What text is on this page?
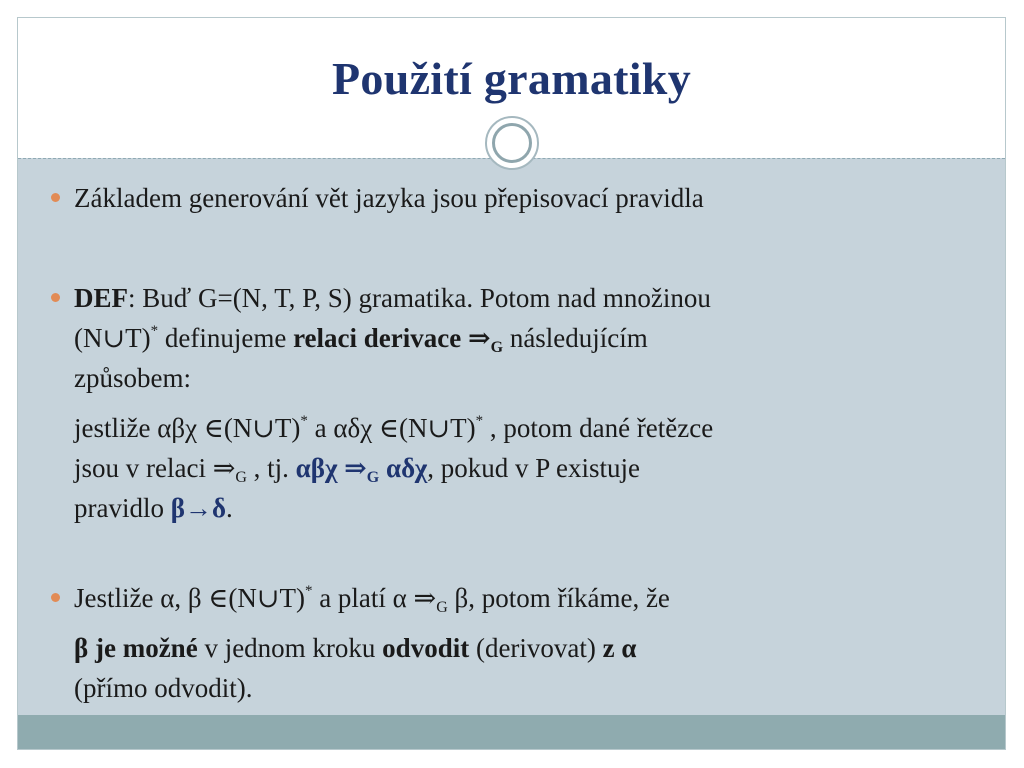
Použití gramatiky
Základem generování vět jazyka jsou přepisovací pravidla
DEF: Buď G=(N, T, P, S) gramatika. Potom nad množinou
(N∪T)* definujeme relaci derivace $\Rightarrow_G$ následujícím
způsobem:
jestliže αβχ ∈(N∪T)* a αδχ ∈(N∪T)* , potom dané řetězce
jsou v relaci $\Rightarrow_G$ , tj. αβχ $\Rightarrow_G$ αδχ, pokud v P existuje
pravidlo β→δ.
Jestliže α, β ∈(N∪T)* a platí α $\Rightarrow_G$ β, potom říkáme, že
β je možné v jednom kroku odvodit (derivovat) z α
(přímo odvodit).
